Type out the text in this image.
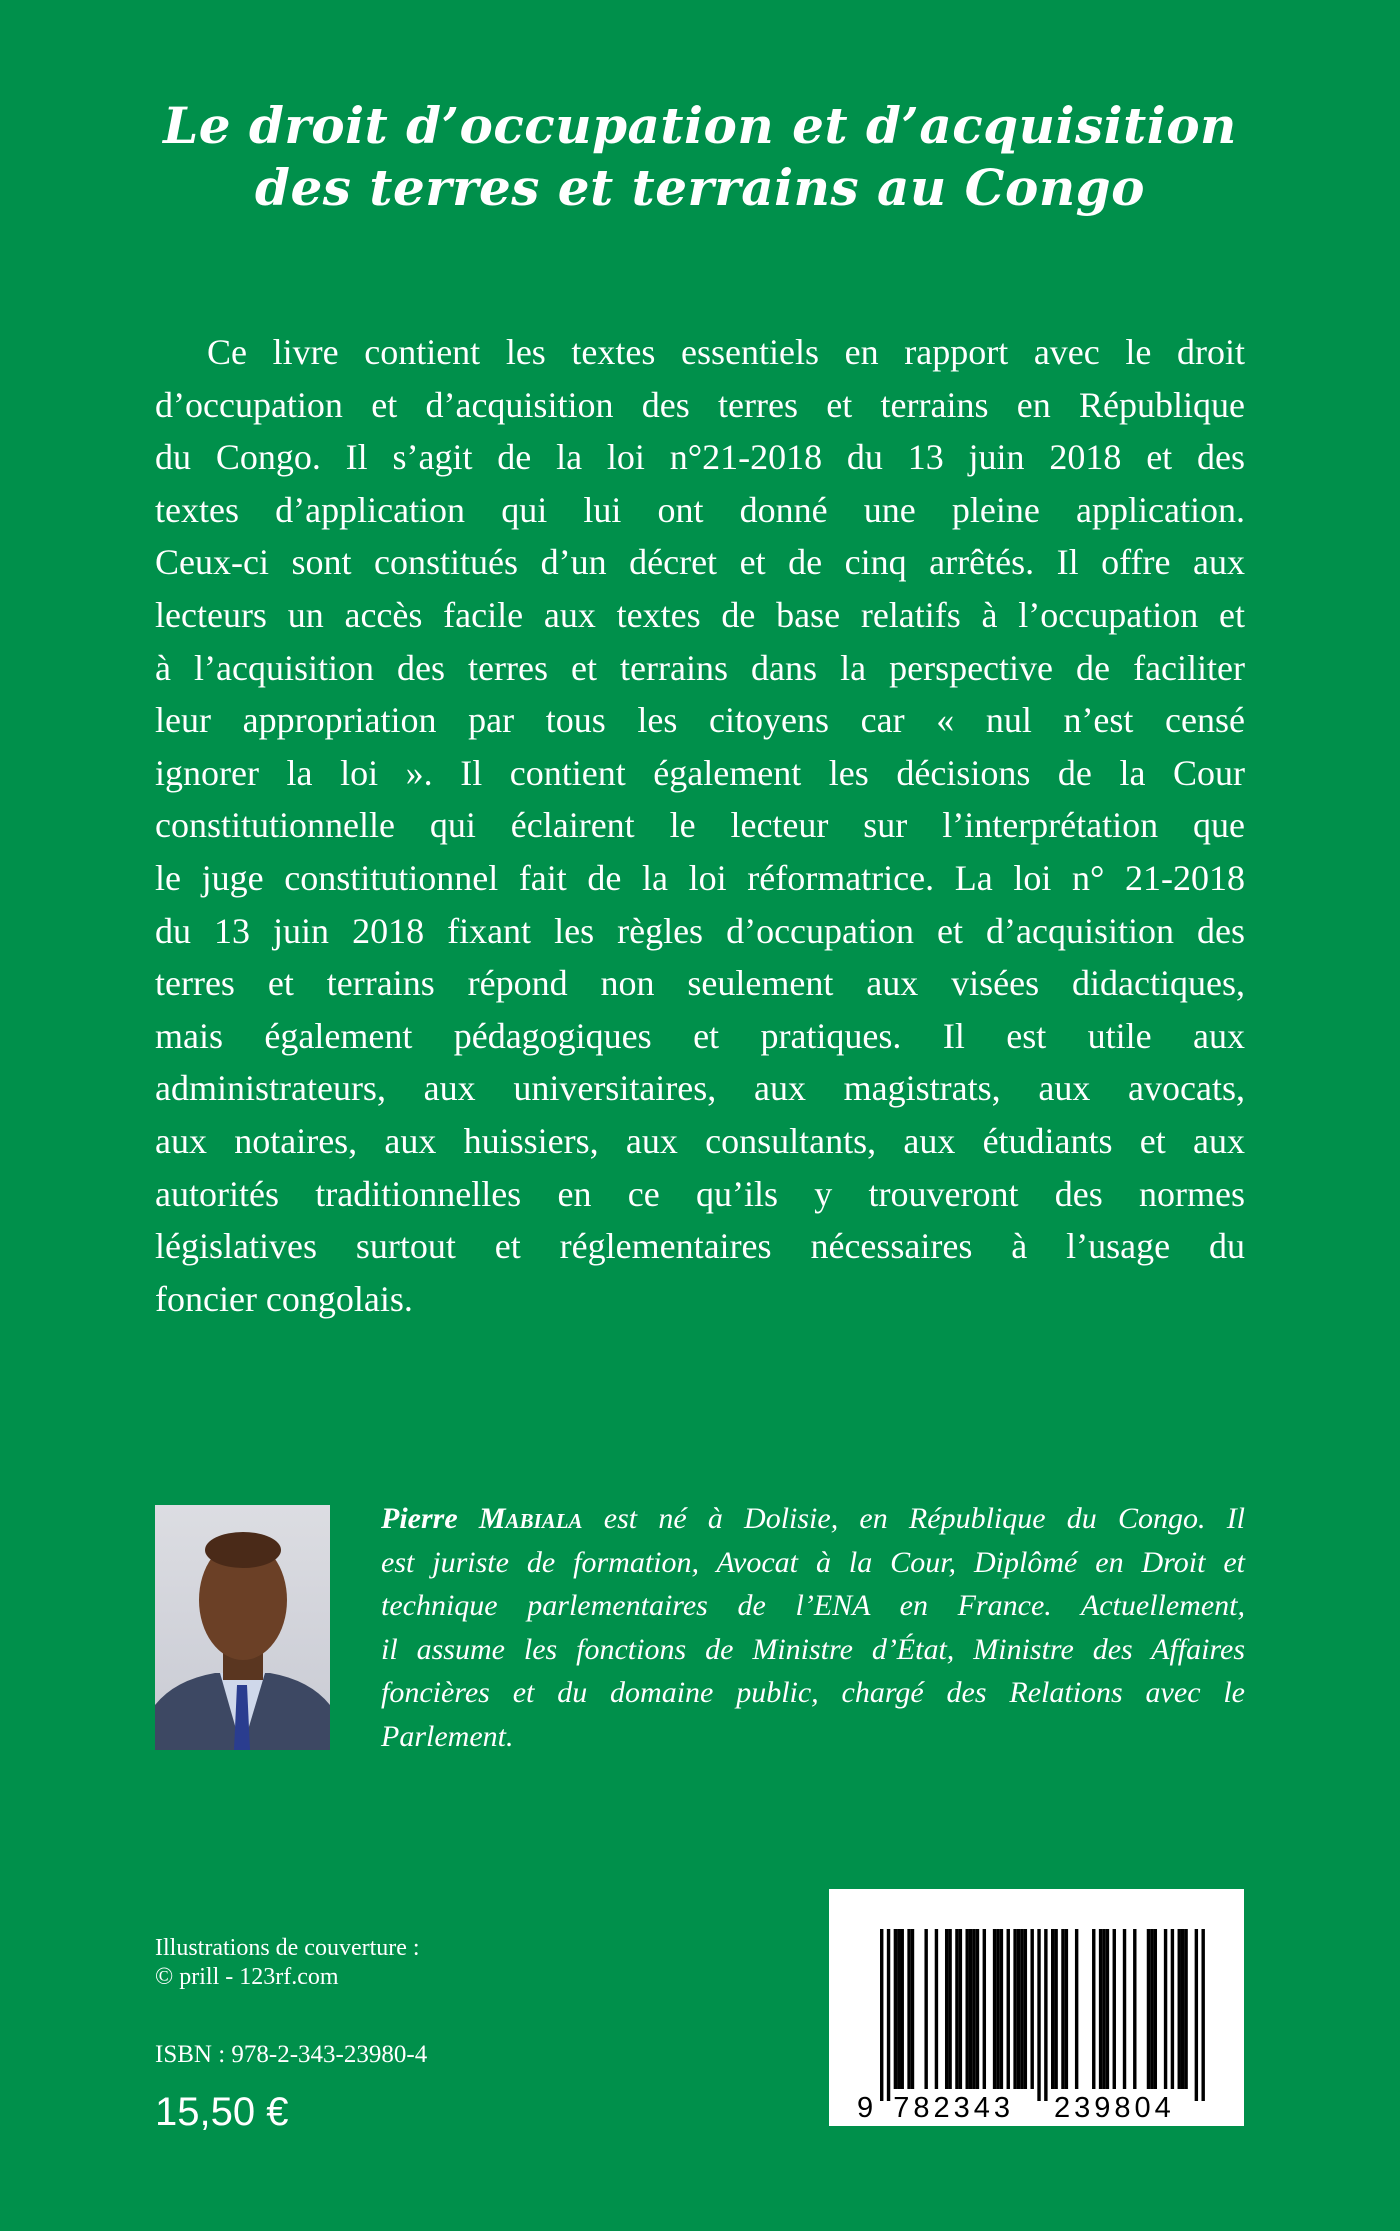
Le droit d’occupation et d’acquisition
des terres et terrains au Congo
Ce livre contient les textes essentiels en rapport avec le droit
d’occupation et d’acquisition des terres et terrains en République
du Congo. Il s’agit de la loi n°21-2018 du 13 juin 2018 et des
textes d’application qui lui ont donné une pleine application.
Ceux-ci sont constitués d’un décret et de cinq arrêtés. Il offre aux
lecteurs un accès facile aux textes de base relatifs à l’occupation et
à l’acquisition des terres et terrains dans la perspective de faciliter
leur appropriation par tous les citoyens car « nul n’est censé
ignorer la loi ». Il contient également les décisions de la Cour
constitutionnelle qui éclairent le lecteur sur l’interprétation que
le juge constitutionnel fait de la loi réformatrice. La loi n° 21-2018
du 13 juin 2018 fixant les règles d’occupation et d’acquisition des
terres et terrains répond non seulement aux visées didactiques,
mais également pédagogiques et pratiques. Il est utile aux
administrateurs, aux universitaires, aux magistrats, aux avocats,
aux notaires, aux huissiers, aux consultants, aux étudiants et aux
autorités traditionnelles en ce qu’ils y trouveront des normes
législatives surtout et réglementaires nécessaires à l’usage du
foncier congolais.
Pierre Mabiala est né à Dolisie, en République du Congo. Il
est juriste de formation, Avocat à la Cour, Diplômé en Droit et
technique parlementaires de l’ENA en France. Actuellement,
il assume les fonctions de Ministre d’État, Ministre des Affaires
foncières et du domaine public, chargé des Relations avec le
Parlement.
Illustrations de couverture :
© prill - 123rf.com
ISBN : 978-2-343-23980-4
15,50 €	9 782343 239804
